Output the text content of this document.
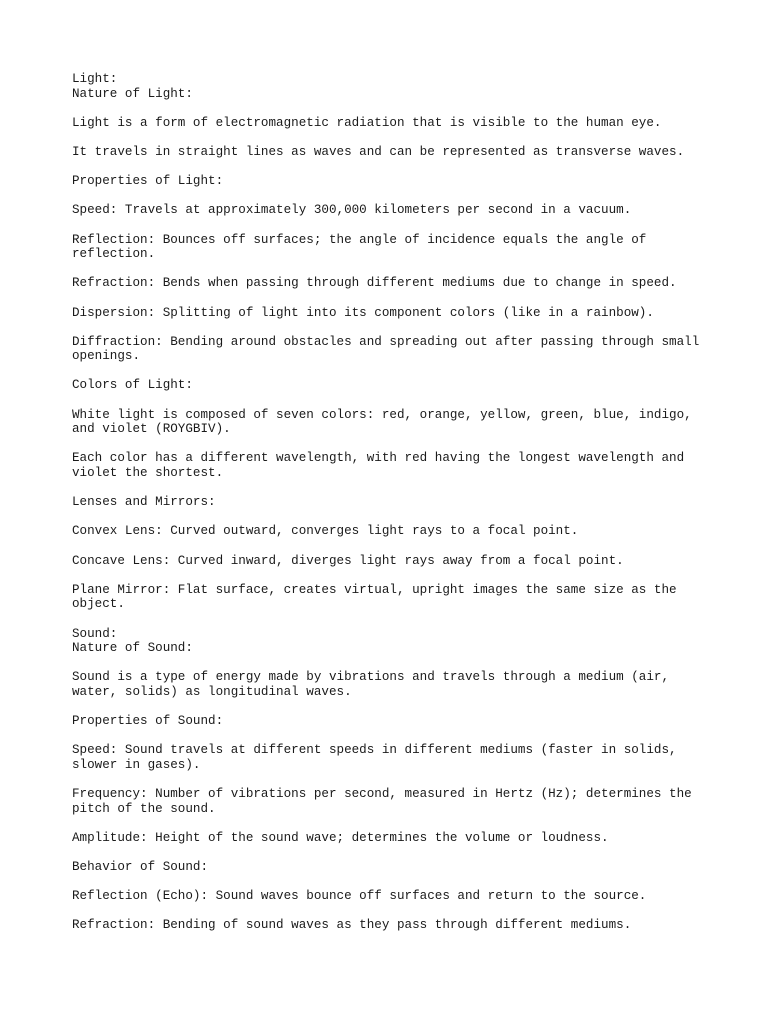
Light:
Nature of Light:
Light is a form of electromagnetic radiation that is visible to the human eye.
It travels in straight lines as waves and can be represented as transverse waves.
Properties of Light:
Speed: Travels at approximately 300,000 kilometers per second in a vacuum.
Reflection: Bounces off surfaces; the angle of incidence equals the angle of
reflection.
Refraction: Bends when passing through different mediums due to change in speed.
Dispersion: Splitting of light into its component colors (like in a rainbow).
Diffraction: Bending around obstacles and spreading out after passing through small
openings.
Colors of Light:
White light is composed of seven colors: red, orange, yellow, green, blue, indigo,
and violet (ROYGBIV).
Each color has a different wavelength, with red having the longest wavelength and
violet the shortest.
Lenses and Mirrors:
Convex Lens: Curved outward, converges light rays to a focal point.
Concave Lens: Curved inward, diverges light rays away from a focal point.
Plane Mirror: Flat surface, creates virtual, upright images the same size as the
object.
Sound:
Nature of Sound:
Sound is a type of energy made by vibrations and travels through a medium (air,
water, solids) as longitudinal waves.
Properties of Sound:
Speed: Sound travels at different speeds in different mediums (faster in solids,
slower in gases).
Frequency: Number of vibrations per second, measured in Hertz (Hz); determines the
pitch of the sound.
Amplitude: Height of the sound wave; determines the volume or loudness.
Behavior of Sound:
Reflection (Echo): Sound waves bounce off surfaces and return to the source.
Refraction: Bending of sound waves as they pass through different mediums.
